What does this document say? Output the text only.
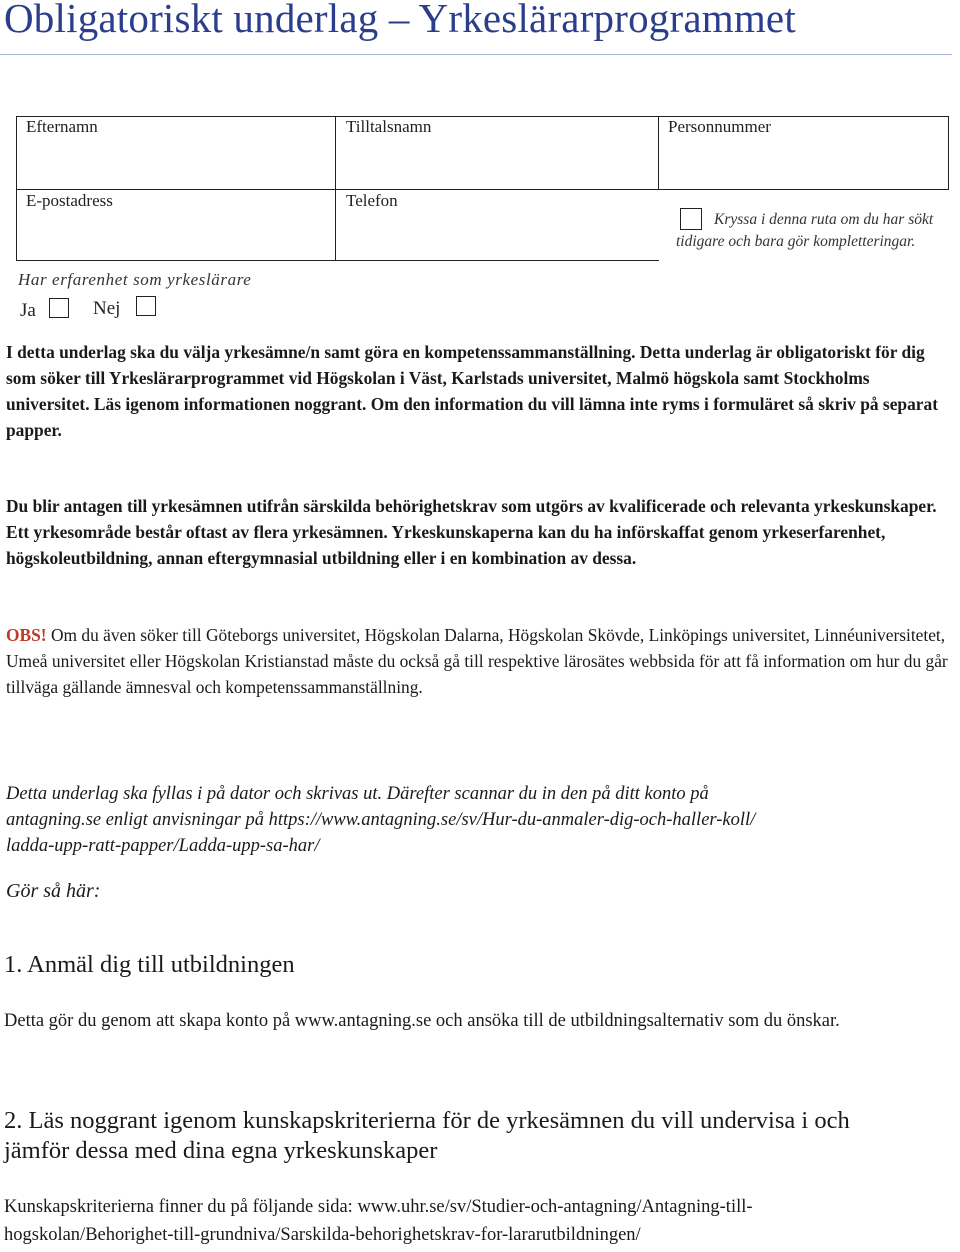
Obligatoriskt underlag – Yrkeslärarprogrammet
Efternamn	Tilltalsnamn	Personnummer
E-postadress	Telefon
Kryssa i denna ruta om du har sökt
tidigare och bara gör kompletteringar.
Har erfarenhet som yrkeslärare
Ja	Nej

I detta underlag ska du välja yrkesämne/n samt göra en kompetenssammanställning. Detta underlag är obligatoriskt för dig som söker till Yrkeslärarprogrammet vid Högskolan i Väst, Karlstads universitet, Malmö högskola samt Stockholms universitet. Läs igenom informationen noggrant. Om den information du vill lämna inte ryms i formuläret så skriv på separat papper.

Du blir antagen till yrkesämnen utifrån särskilda behörighetskrav som utgörs av kvalificerade och relevanta yrkeskunskaper. Ett yrkesområde består oftast av flera yrkesämnen. Yrkeskunskaperna kan du ha införskaffat genom yrkeserfarenhet, högskoleutbildning, annan eftergymnasial utbildning eller i en kombination av dessa.

OBS! Om du även söker till Göteborgs universitet, Högskolan Dalarna, Högskolan Skövde, Linköpings universitet, Linnéuniversitetet, Umeå universitet eller Högskolan Kristianstad måste du också gå till respektive lärosätes webbsida för att få information om hur du går tillväga gällande ämnesval och kompetenssammanställning.

Detta underlag ska fyllas i på dator och skrivas ut. Därefter scannar du in den på ditt konto på
antagning.se enligt anvisningar på https://www.antagning.se/sv/Hur-du-anmaler-dig-och-haller-koll/
ladda-upp-ratt-papper/Ladda-upp-sa-har/
Gör så här:
1. Anmäl dig till utbildningen

Detta gör du genom att skapa konto på www.antagning.se och ansöka till de utbildningsalternativ som du önskar.

2. Läs noggrant igenom kunskapskriterierna för de yrkesämnen du vill undervisa i och
jämför dessa med dina egna yrkeskunskaper
Kunskapskriterierna finner du på följande sida: www.uhr.se/sv/Studier-och-antagning/Antagning-till-
hogskolan/Behorighet-till-grundniva/Sarskilda-behorighetskrav-for-lararutbildningen/
